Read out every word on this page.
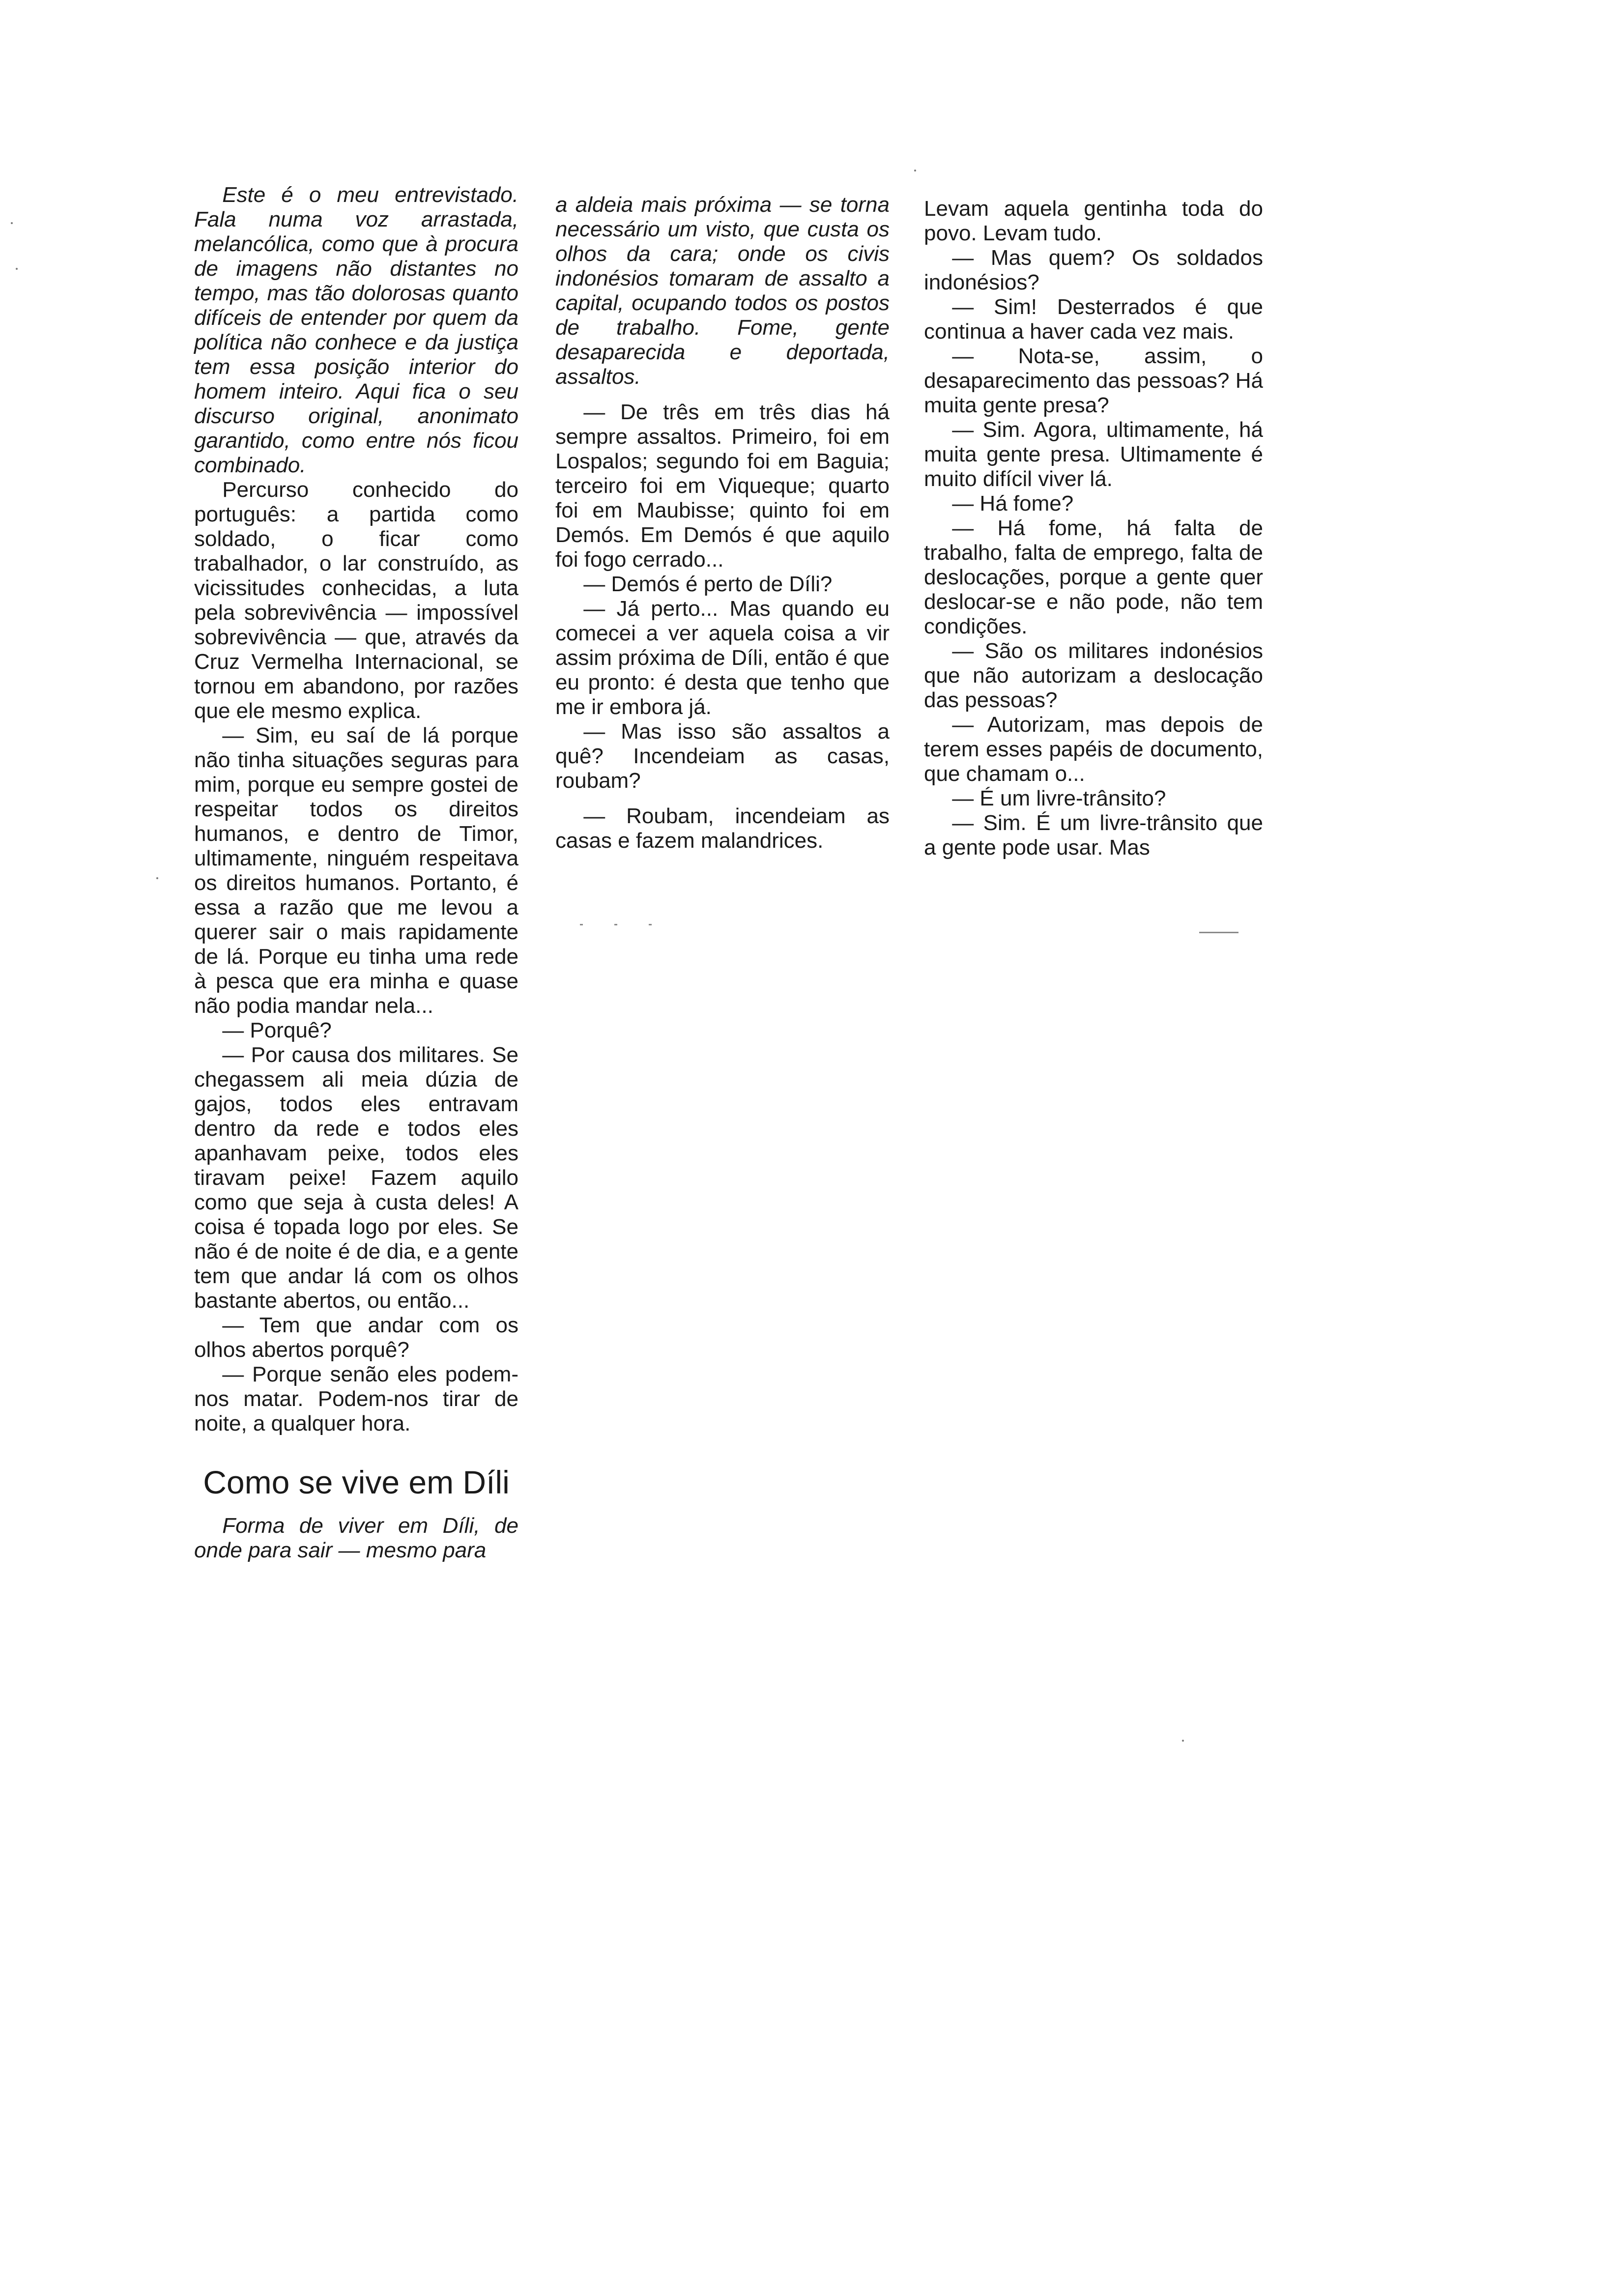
Este é o meu entrevistado. Fala numa voz arrastada, melancólica, como que à procura de imagens não distantes no tempo, mas tão dolorosas quanto difíceis de entender por quem da política não conhece e da justiça tem essa posição interior do homem inteiro. Aqui fica o seu discurso original, anonimato garantido, como entre nós ficou combinado.

Percurso conhecido do português: a partida como soldado, o ficar como trabalhador, o lar construído, as vicissitudes conhecidas, a luta pela sobrevivência — impossível sobrevivência — que, através da Cruz Vermelha Internacional, se tornou em abandono, por razões que ele mesmo explica.

— Sim, eu saí de lá porque não tinha situações seguras para mim, porque eu sempre gostei de respeitar todos os direitos humanos, e dentro de Timor, ultimamente, ninguém respeitava os direitos humanos. Portanto, é essa a razão que me levou a querer sair o mais rapidamente de lá. Porque eu tinha uma rede à pesca que era minha e quase não podia mandar nela...

— Porquê?

— Por causa dos militares. Se chegassem ali meia dúzia de gajos, todos eles entravam dentro da rede e todos eles apanhavam peixe, todos eles tiravam peixe! Fazem aquilo como que seja à custa deles! A coisa é topada logo por eles. Se não é de noite é de dia, e a gente tem que andar lá com os olhos bastante abertos, ou então...

— Tem que andar com os olhos abertos porquê?

— Porque senão eles podem-nos matar. Podem-nos tirar de noite, a qualquer hora.

Como se vive em Díli

Forma de viver em Díli, de onde para sair — mesmo para

a aldeia mais próxima — se torna necessário um visto, que custa os olhos da cara; onde os civis indonésios tomaram de assalto a capital, ocupando todos os postos de trabalho. Fome, gente desaparecida e deportada, assaltos.

— De três em três dias há sempre assaltos. Primeiro, foi em Lospalos; segundo foi em Baguia; terceiro foi em Viqueque; quarto foi em Maubisse; quinto foi em Demós. Em Demós é que aquilo foi fogo cerrado...

— Demós é perto de Díli?

— Já perto... Mas quando eu comecei a ver aquela coisa a vir assim próxima de Díli, então é que eu pronto: é desta que tenho que me ir embora já.

— Mas isso são assaltos a quê? Incendeiam as casas, roubam?

— Roubam, incendeiam as casas e fazem malandrices.

Levam aquela gentinha toda do povo. Levam tudo.

— Mas quem? Os soldados indonésios?

— Sim! Desterrados é que continua a haver cada vez mais.

— Nota-se, assim, o desaparecimento das pessoas? Há muita gente presa?

— Sim. Agora, ultimamente, há muita gente presa. Ultimamente é muito difícil viver lá.

— Há fome?

— Há fome, há falta de trabalho, falta de emprego, falta de deslocações, porque a gente quer deslocar-se e não pode, não tem condições.

— São os militares indonésios que não autorizam a deslocação das pessoas?

— Autorizam, mas depois de terem esses papéis de documento, que chamam o...

— É um livre-trânsito?

— Sim. É um livre-trânsito que a gente pode usar. Mas
